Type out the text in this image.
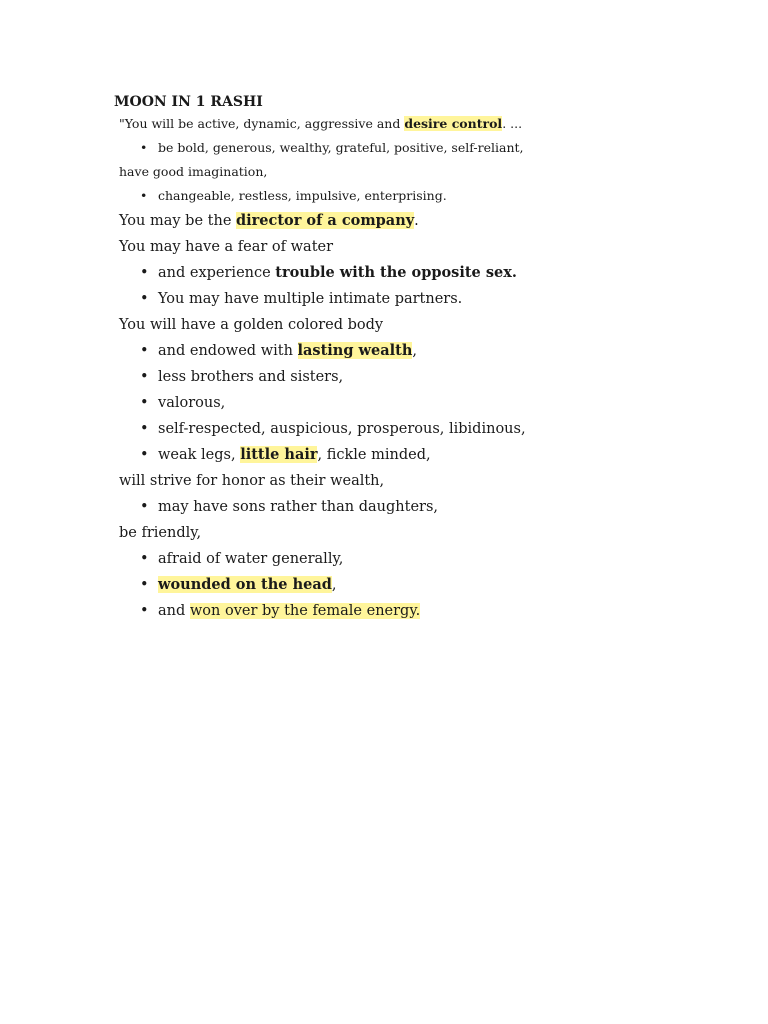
MOON IN 1 RASHI
"You will be active, dynamic, aggressive and desire control. ...
• be bold, generous, wealthy, grateful, positive, self-reliant,
have good imagination,
• changeable, restless, impulsive, enterprising.
You may be the director of a company.
You may have a fear of water
• and experience trouble with the opposite sex.
• You may have multiple intimate partners.
You will have a golden colored body
• and endowed with lasting wealth,
• less brothers and sisters,
• valorous,
• self-respected, auspicious, prosperous, libidinous,
• weak legs, little hair, fickle minded,
will strive for honor as their wealth,
• may have sons rather than daughters,
be friendly,
• afraid of water generally,
• wounded on the head,
• and won over by the female energy.
